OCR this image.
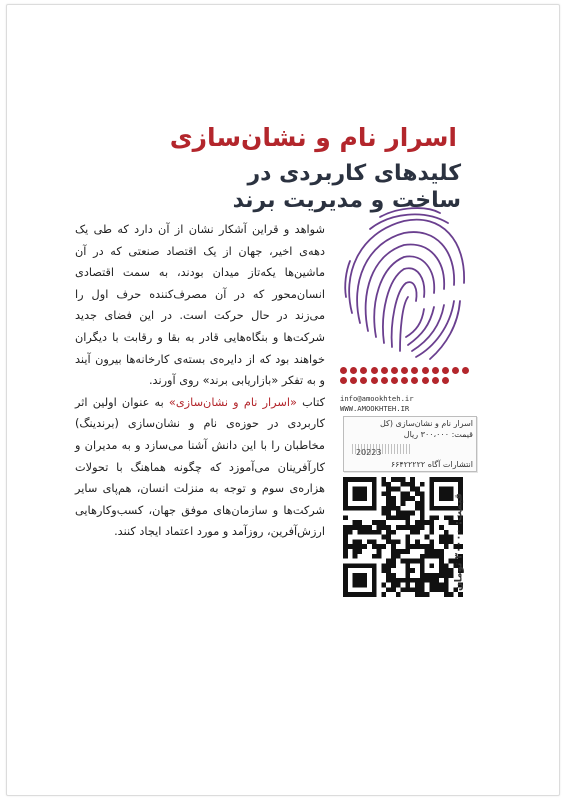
اسرار نام و نشان‌سازی
کلیدهای کاربردی در
ساخت و مدیریت برند

شواهد و قراین آشکار نشان از آن دارد که طی یک دهه‌ی اخیر، جهان از یک اقتصاد صنعتی که در آن ماشین‌ها یکه‌تاز میدان بودند، به سمت اقتصادی انسان‌محور که در آن مصرف‌کننده حرف اول را می‌زند در حال حرکت است. در این فضای جدید شرکت‌ها و بنگاه‌هایی قادر به بقا و رقابت با دیگران خواهند بود که از دایره‌ی بسته‌ی کارخانه‌ها بیرون آیند و به تفکر «بازاریابی برند» روی آورند.

کتاب «اسرار نام و نشان‌سازی» به عنوان اولین اثر کاربردی در حوزه‌ی نام و نشان‌سازی (برندینگ) مخاطبان را با این دانش آشنا می‌سازد و به مدیران و کارآفرینان می‌آموزد که چگونه هماهنگ با تحولات هزاره‌ی سوم و توجه به منزلت انسان، هم‌پای سایر شرکت‌ها و سازمان‌های موفق جهان، کسب‌وکارهایی ارزش‌آفرین، روزآمد و مورد اعتماد ایجاد کنند.

info@amookhteh.ir
WWW.AMOOKHTEH.IR
اسرار نام و نشان‌سازی (کل
قیمت: ۳۰۰،۰۰۰ ریال
20223
انتشارات آگاه ۶۶۴۲۲۲۲۲
قیمت: ۳۰۰۰۰ تومان
